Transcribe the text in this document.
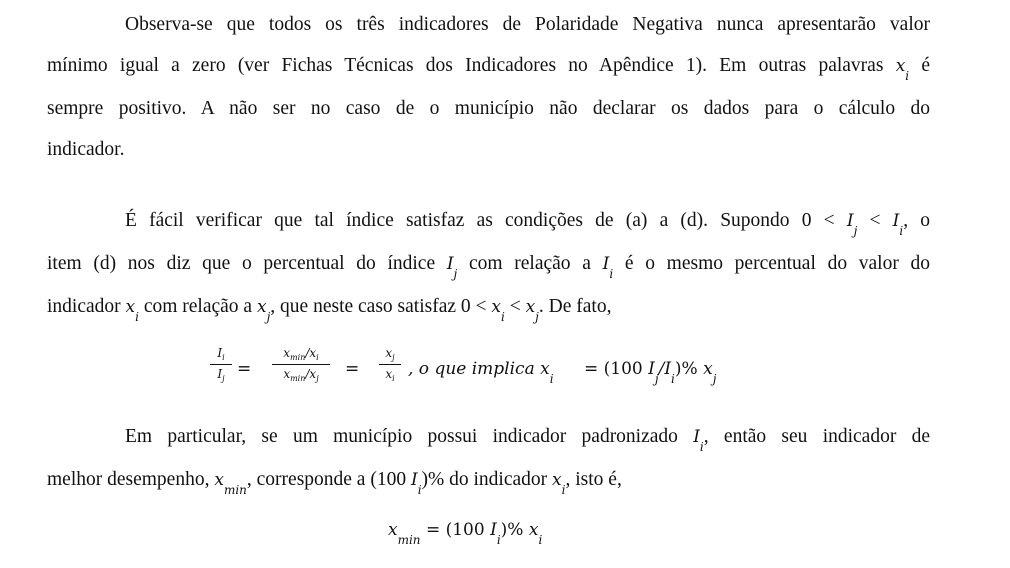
Observa-se que todos os três indicadores de Polaridade Negativa nunca apresentarão valor
mínimo igual a zero (ver Fichas Técnicas dos Indicadores no Apêndice 1). Em outras palavras $x_i$ é
sempre positivo. A não ser no caso de o município não declarar os dados para o cálculo do
indicador.
É fácil verificar que tal índice satisfaz as condições de (a) a (d). Supondo $0 < I_j < I_i$, o
item (d) nos diz que o percentual do índice $I_j$ com relação a $I_i$ é o mesmo percentual do valor do
indicador $x_i$ com relação a $x_j$, que neste caso satisfaz $0 < x_i < x_j$. De fato,
$I_i$
$I_j$ =
$x_{min}/x_i$
$x_{min}/x_j$	=
$x_j$
$x_i$ , o que implica $x_i = (100$ $I_j/I_i)\%$ $x_j$
Em particular, se um município possui indicador padronizado $I_i$, então seu indicador de
melhor desempenho, $x_{min}$, corresponde a (100 $I_i)\%$ do indicador $x_i$, isto é,
$x_{min} = (100$ $I_i)\%$ $x_i$
